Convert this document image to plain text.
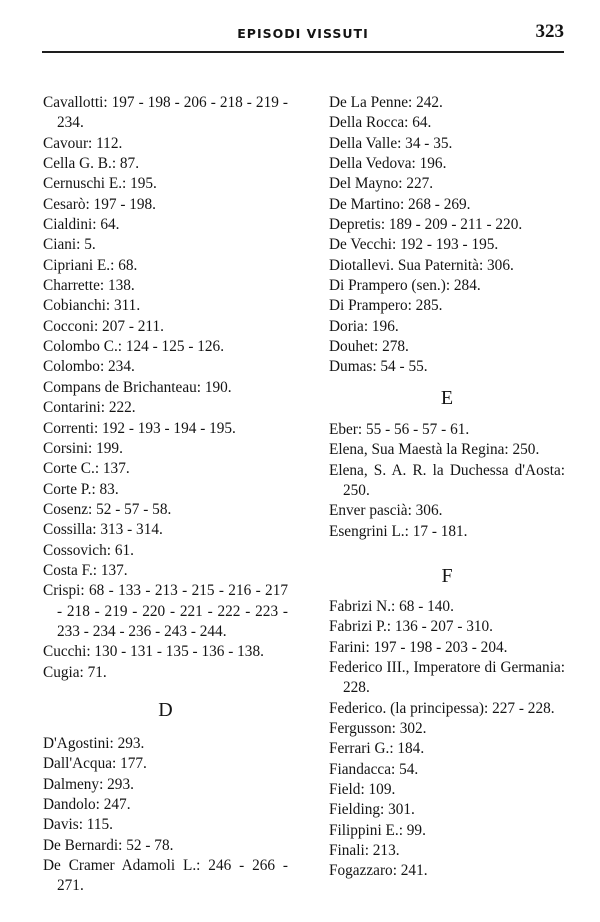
EPISODI VISSUTI	323
Cavallotti: 197 - 198 - 206 - 218 - 219 - 234.
Cavour: 112.
Cella G. B.: 87.
Cernuschi E.: 195.
Cesarò: 197 - 198.
Cialdini: 64.
Ciani: 5.
Cipriani E.: 68.
Charrette: 138.
Cobianchi: 311.
Cocconi: 207 - 211.
Colombo C.: 124 - 125 - 126.
Colombo: 234.
Compans de Brichanteau: 190.
Contarini: 222.
Correnti: 192 - 193 - 194 - 195.
Corsini: 199.
Corte C.: 137.
Corte P.: 83.
Cosenz: 52 - 57 - 58.
Cossilla: 313 - 314.
Cossovich: 61.
Costa F.: 137.
Crispi: 68 - 133 - 213 - 215 - 216 - 217 - 218 - 219 - 220 - 221 - 222 - 223 - 233 - 234 - 236 - 243 - 244.
Cucchi: 130 - 131 - 135 - 136 - 138.
Cugia: 71.
D
D'Agostini: 293.
Dall'Acqua: 177.
Dalmeny: 293.
Dandolo: 247.
Davis: 115.
De Bernardi: 52 - 78.
De Cramer Adamoli L.: 246 - 266 - 271.
De La Penne: 242.
Della Rocca: 64.
Della Valle: 34 - 35.
Della Vedova: 196.
Del Mayno: 227.
De Martino: 268 - 269.
Depretis: 189 - 209 - 211 - 220.
De Vecchi: 192 - 193 - 195.
Diotallevi. Sua Paternità: 306.
Di Prampero (sen.): 284.
Di Prampero: 285.
Doria: 196.
Douhet: 278.
Dumas: 54 - 55.
E
Eber: 55 - 56 - 57 - 61.
Elena, Sua Maestà la Regina: 250.
Elena, S. A. R. la Duchessa d'Aosta: 250.
Enver pascià: 306.
Esengrini L.: 17 - 181.
F
Fabrizi N.: 68 - 140.
Fabrizi P.: 136 - 207 - 310.
Farini: 197 - 198 - 203 - 204.
Federico III., Imperatore di Germania: 228.
Federico. (la principessa): 227 - 228.
Fergusson: 302.
Ferrari G.: 184.
Fiandacca: 54.
Field: 109.
Fielding: 301.
Filippini E.: 99.
Finali: 213.
Fogazzaro: 241.
